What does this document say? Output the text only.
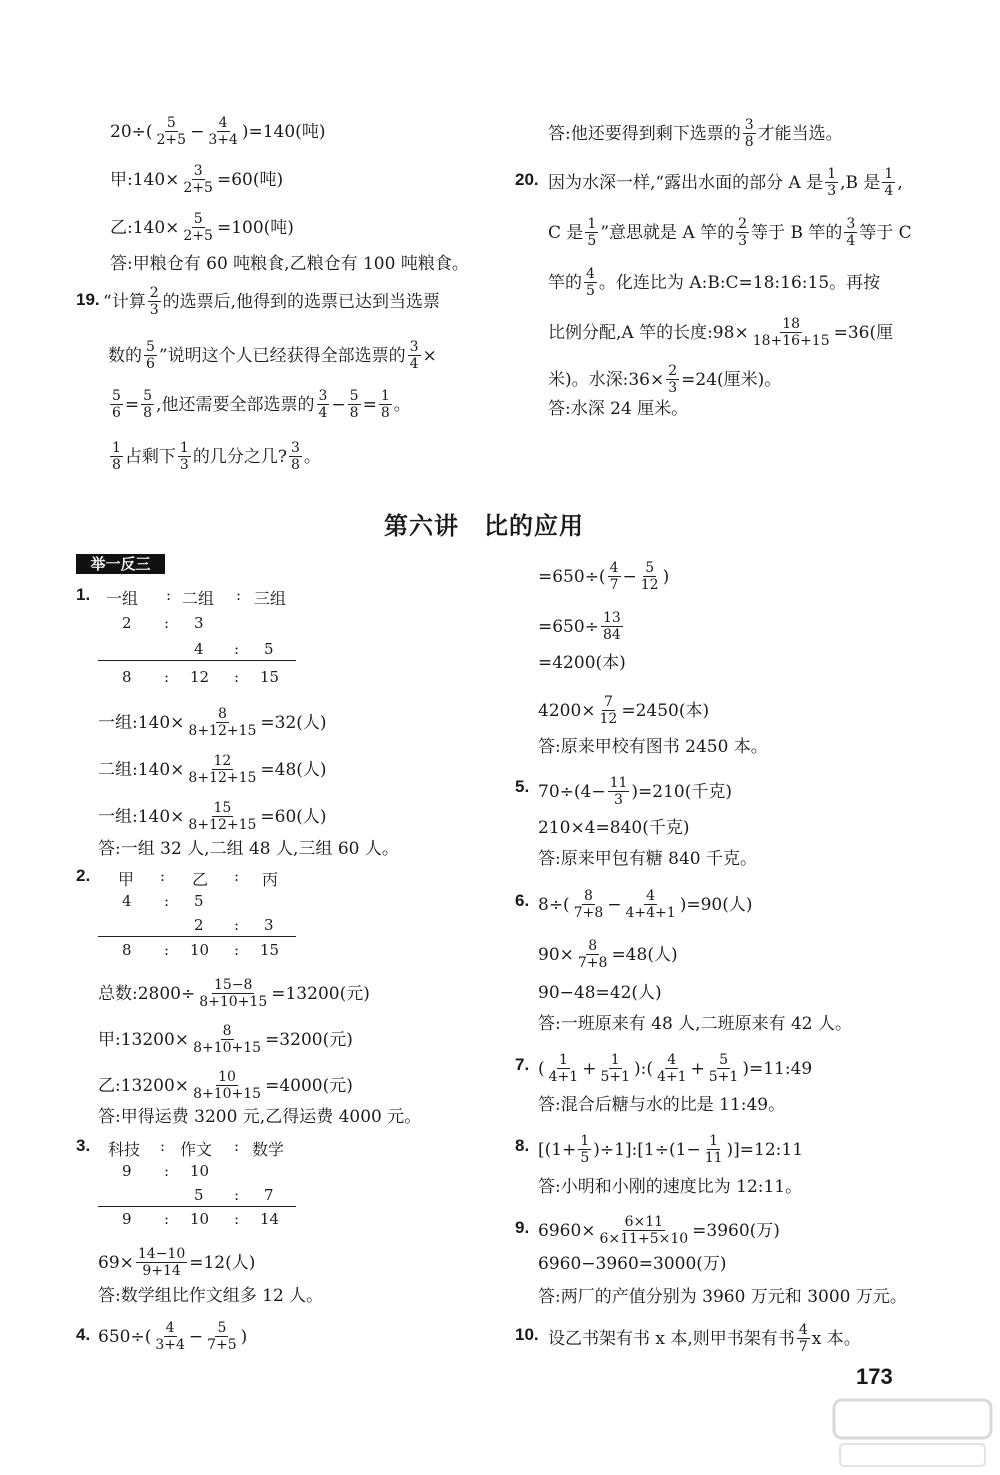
$20\div( \frac{5}{2+5} - \frac{4}{3+4} )=140$(吨)
甲:140× $\frac{3}{2+5} =60$(吨)
乙:140× $\frac{5}{2+5} =100$(吨)
答:甲粮仓有 60 吨粮食,乙粮仓有 100 吨粮食。
19. “计算 $\frac{2}{3}$ 的选票后,他得到的选票已达到当选票
数的 $\frac{5}{6}$ ”说明这个人已经获得全部选票的 $\frac{3}{4}$ ×
$\frac{5}{6} = \frac{5}{8}$ ,他还需要全部选票的 $\frac{3}{4} - \frac{5}{8} = \frac{1}{8}$ 。
$\frac{1}{8}$ 占剩下 $\frac{1}{3}$ 的几分之几? $\frac{3}{8}$ 。
答:他还要得到剩下选票的 $\frac{3}{8}$ 才能当选。
20. 因为水深一样,“露出水面的部分 A 是 $\frac{1}{3} ,B$ 是 $\frac{1}{4}$ ,
C 是 $\frac{1}{5}$ ”意思就是 A 竿的 $\frac{2}{3}$ 等于 B 竿的 $\frac{3}{4}$ 等于 C
竿的 $\frac{4}{5}$ 。化连比为 A:B:C=18:16:15。再按
比例分配,A 竿的长度:98× $\frac{18}{18+16+15} =36$(厘
米)。水深:36× $\frac{2}{3} =24$(厘米)。
答:水深 24 厘米。
第六讲　比的应用
举一反三
1. 一组 : 二组 : 三组
2 : 3
4 : 5
8 : 12 : 15
一组:140× $\frac{8}{8+12+15} =32$(人)
二组:140× $\frac{12}{8+12+15} =48$(人)
一组:140× $\frac{15}{8+12+15} =60$(人)
答:一组 32 人,二组 48 人,三组 60 人。
2. 甲 : 乙 : 丙
4 : 5
2 : 3
8 : 10 : 15
总数:2800÷ $\frac{15-8}{8+10+15} =13200$(元)
甲:13200× $\frac{8}{8+10+15} =3200$(元)
乙:13200× $\frac{10}{8+10+15} =4000$(元)
答:甲得运费 3200 元,乙得运费 4000 元。
3. 科技 : 作文 : 数学
9 : 10
5 : 7
9 : 10 : 14
$69\times \frac{14-10}{9+14} =12$(人)
答:数学组比作文组多 12 人。
4. $650\div( \frac{4}{3+4} - \frac{5}{7+5}$ )
$=650\div( \frac{4}{7} - \frac{5}{12}$ )
$=650\div \frac{13}{84}$
=4200(本)
$4200\times \frac{7}{12} =2450$(本)
答:原来甲校有图书 2450 本。
5. $70\div(4- \frac{11}{3} )=210$(千克)
210×4=840(千克)
答:原来甲包有糖 840 千克。
6. $8\div( \frac{8}{7+8} - \frac{4}{4+4+1} )=90$(人)
$90\times \frac{8}{7+8} =48$(人)
90−48=42(人)
答:一班原来有 48 人,二班原来有 42 人。
7. ( $\frac{1}{4+1} + \frac{1}{5+1}$ ):( $\frac{4}{4+1} + \frac{5}{5+1}$ )=11:49
答:混合后糖与水的比是 11:49。
8. [($1+ \frac{1}{5}$ )÷1]:[1÷(1− $\frac{1}{11}$ )]=12:11
答:小明和小刚的速度比为 12:11。
9. $6960\times \frac{6\times 11}{6\times 11+5\times 10} =3960$(万)
6960−3960=3000(万)
答:两厂的产值分别为 3960 万元和 3000 万元。
10. 设乙书架有书 x 本,则甲书架有书 $\frac{4}{7}$ x 本。
173
